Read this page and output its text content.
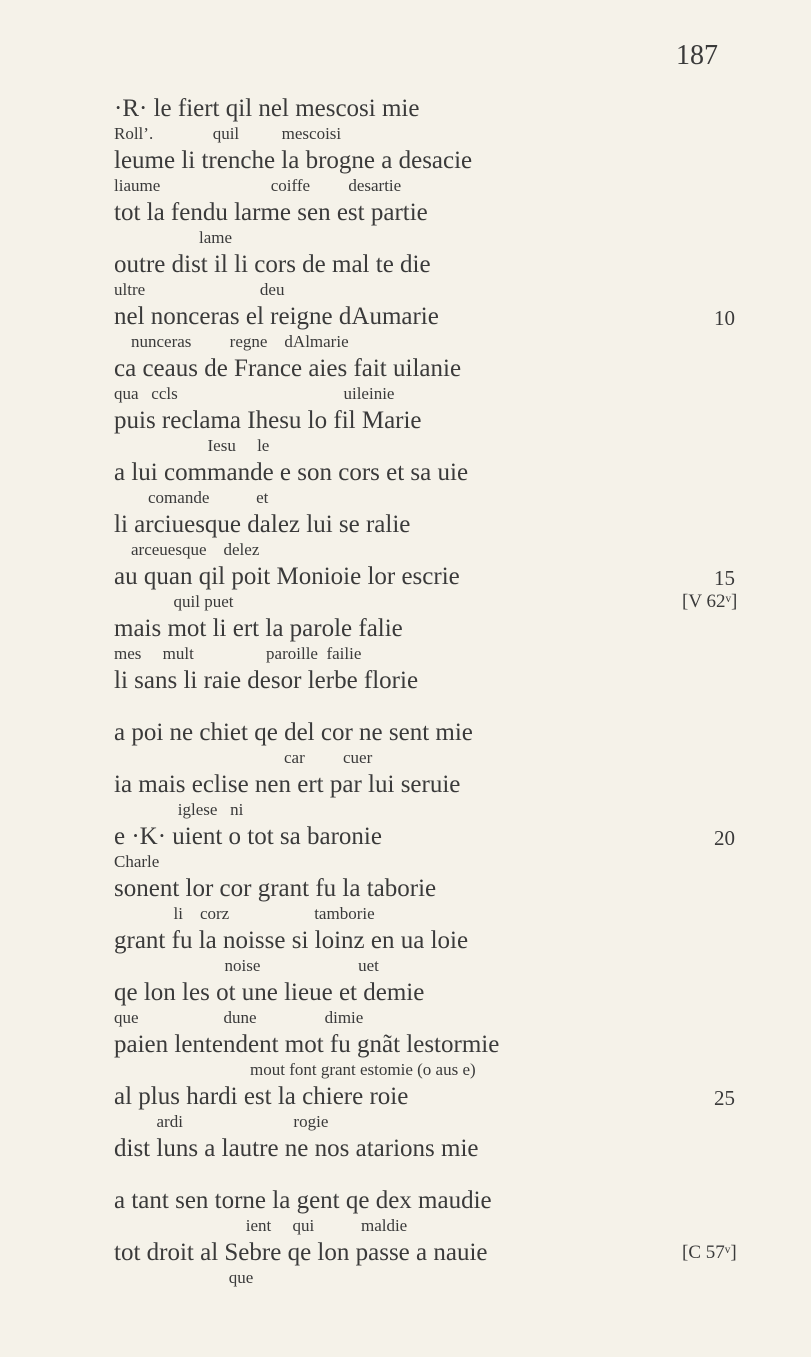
187
·R· le fiert qil nel mescosi mie
Roll’.              quil          mescoisi
leume li trenche la brogne a desacie
liaume                          coiffe         desartie
tot la fendu larme sen est partie
lame
outre dist il li cors de mal te die
ultre                           deu
nel nonceras el reigne dAumarie
nunceras         regne    dAlmarie
10
ca ceaus de France aies fait uilanie
qua   ccls                                       uileinie
puis reclama Ihesu lo fil Marie
Iesu     le
a lui commande e son cors et sa uie
comande           et
li arciuesque dalez lui se ralie
arceuesque    delez
au quan qil poit Monioie lor escrie
quil puet
15
[V 62ᵛ]
mais mot li ert la parole falie
mes     mult                 paroille  failie
li sans li raie desor lerbe florie
a poi ne chiet qe del cor ne sent mie
car         cuer
ia mais eclise nen ert par lui seruie
iglese   ni
e ·K· uient o tot sa baronie
Charle
20
sonent lor cor grant fu la taborie
li    corz                    tamborie
grant fu la noisse si loinz en ua loie
noise                       uet
qe lon les ot une lieue et demie
que                    dune                dimie
paien lentendent mot fu gnãt lestormie
mout font grant estomie (o aus e)
al plus hardi est la chiere roie
ardi                          rogie
25
dist luns a lautre ne nos atarions mie
a tant sen torne la gent qe dex maudie
ient     qui           maldie
tot droit al Sebre qe lon passe a nauie
que
[C 57ᵛ]
